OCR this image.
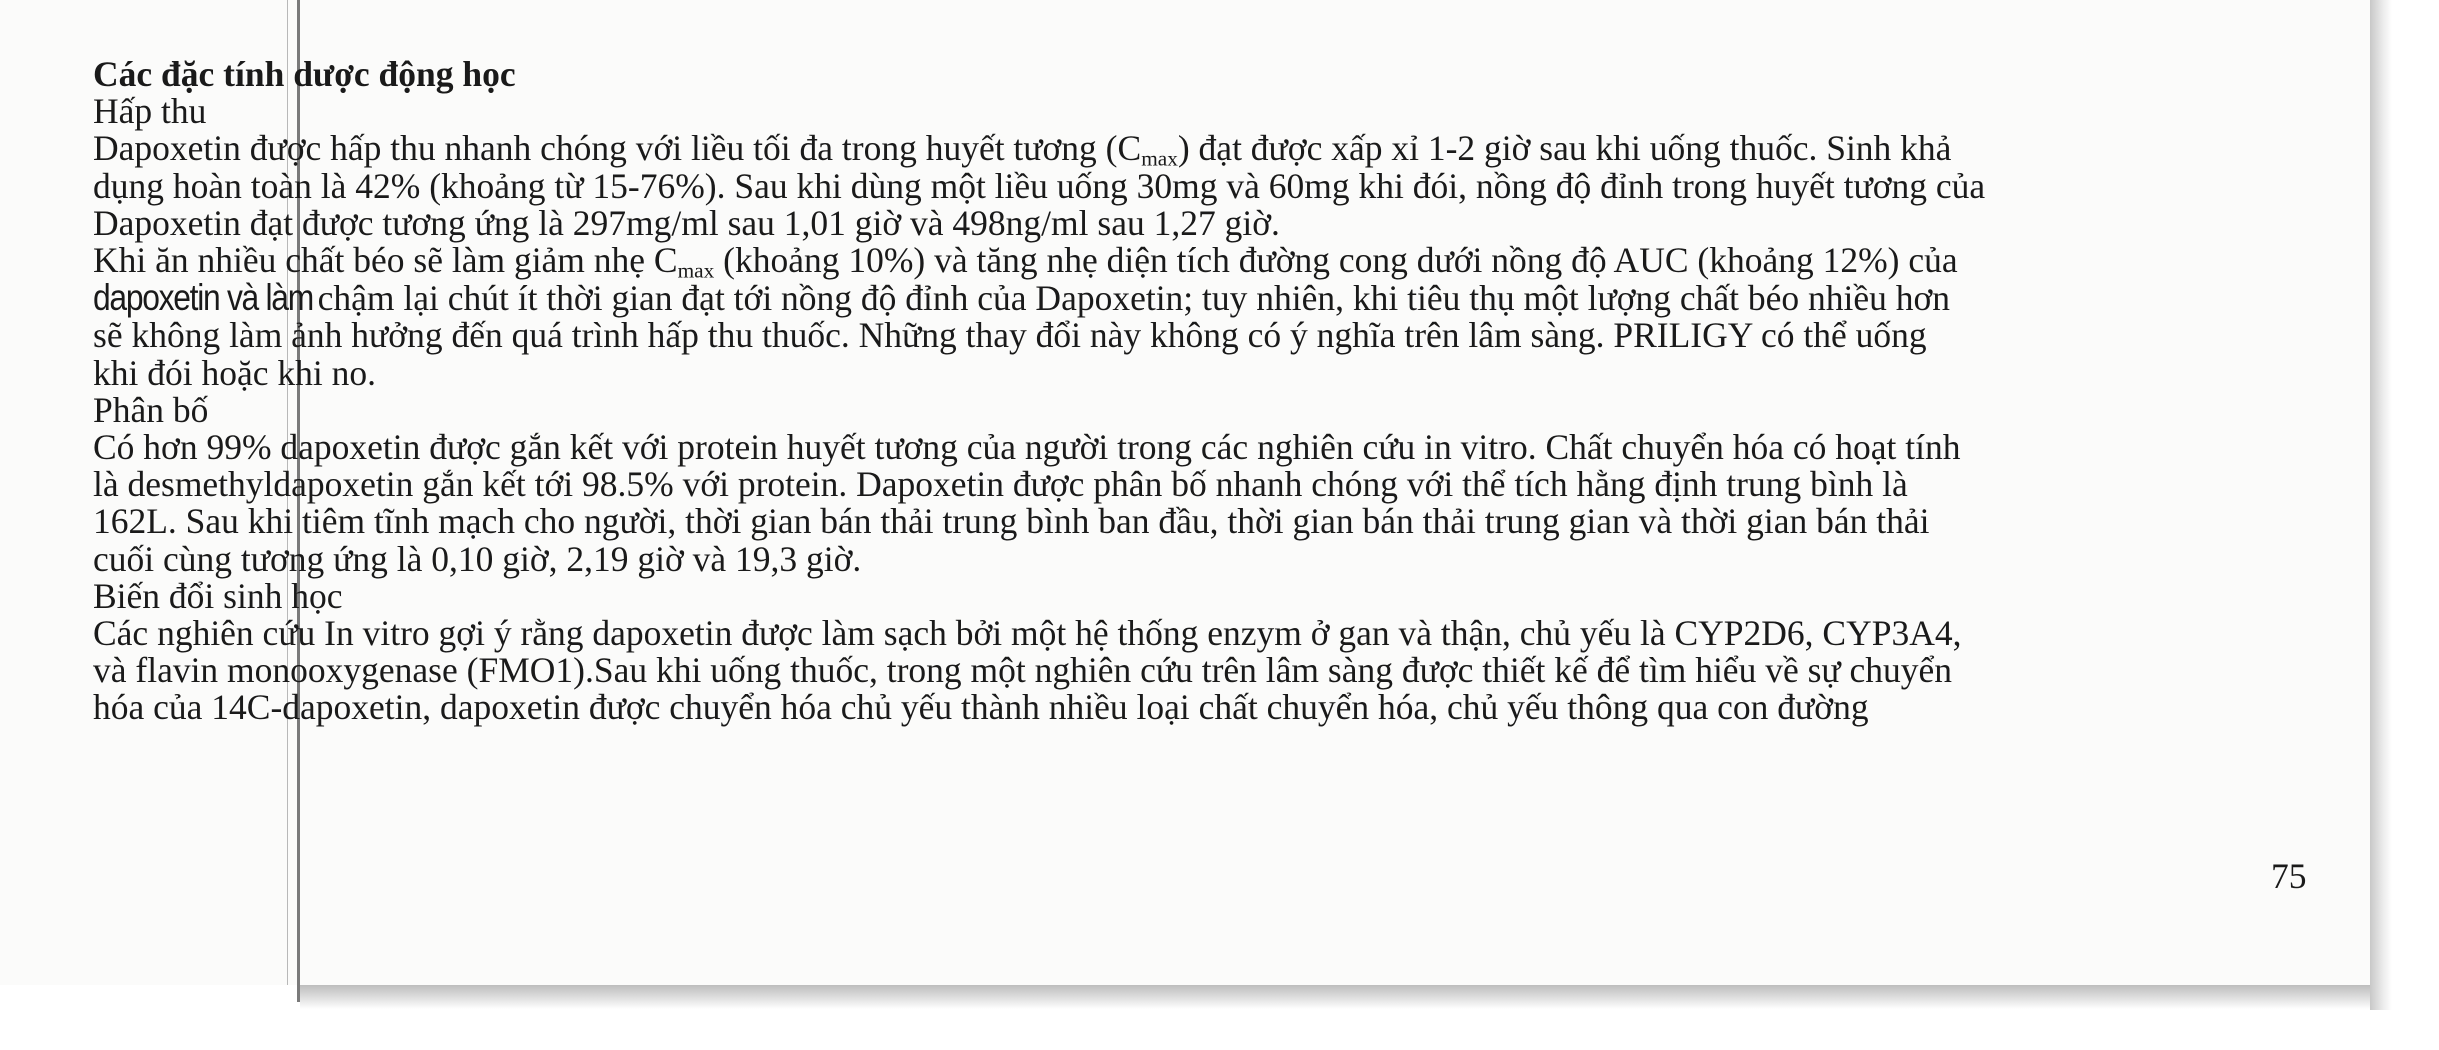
Các đặc tính dược động học
Hấp thu
Dapoxetin được hấp thu nhanh chóng với liều tối đa trong huyết tương $(C_{max})$ đạt được xấp xỉ 1-2 giờ sau khi uống thuốc. Sinh khả
dụng hoàn toàn là 42% (khoảng từ 15-76%). Sau khi dùng một liều uống 30mg và 60mg khi đói, nồng độ đỉnh trong huyết tương của
Dapoxetin đạt được tương ứng là 297mg/ml sau 1,01 giờ và 498ng/ml sau 1,27 giờ.
Khi ăn nhiều chất béo sẽ làm giảm nhẹ $C_{max}$ (khoảng 10%) và tăng nhẹ diện tích đường cong dưới nồng độ AUC (khoảng 12%) của
dapoxetin và làm chậm lại chút ít thời gian đạt tới nồng độ đỉnh của Dapoxetin; tuy nhiên, khi tiêu thụ một lượng chất béo nhiều hơn
sẽ không làm ảnh hưởng đến quá trình hấp thu thuốc. Những thay đổi này không có ý nghĩa trên lâm sàng. PRILIGY có thể uống
khi đói hoặc khi no.
Phân bố
Có hơn 99% dapoxetin được gắn kết với protein huyết tương của người trong các nghiên cứu in vitro. Chất chuyển hóa có hoạt tính
là desmethyldapoxetin gắn kết tới 98.5% với protein. Dapoxetin được phân bố nhanh chóng với thể tích hằng định trung bình là
162L. Sau khi tiêm tĩnh mạch cho người, thời gian bán thải trung bình ban đầu, thời gian bán thải trung gian và thời gian bán thải
cuối cùng tương ứng là 0,10 giờ, 2,19 giờ và 19,3 giờ.
Biến đổi sinh học
Các nghiên cứu In vitro gợi ý rằng dapoxetin được làm sạch bởi một hệ thống enzym ở gan và thận, chủ yếu là CYP2D6, CYP3A4,
và flavin monooxygenase (FMO1).Sau khi uống thuốc, trong một nghiên cứu trên lâm sàng được thiết kế để tìm hiểu về sự chuyển
hóa của 14C-dapoxetin, dapoxetin được chuyển hóa chủ yếu thành nhiều loại chất chuyển hóa, chủ yếu thông qua con đường
75
